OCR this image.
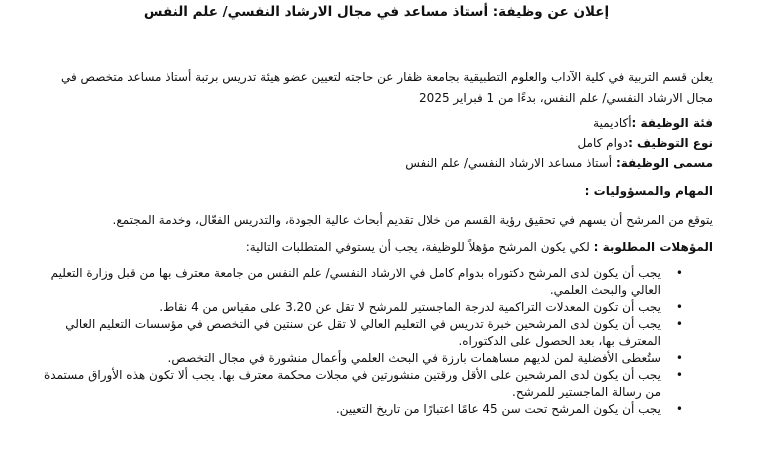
إعلان عن وظيفة: أستاذ مساعد في مجال الارشاد النفسي/ علم النفس

يعلن قسم التربية في كلية الآداب والعلوم التطبيقية بجامعة ظفار عن حاجته لتعيين عضو هيئة تدريس برتبة أستاذ مساعد متخصص في مجال الارشاد النفسي/ علم النفس، بدءًا من 1 فبراير 2025

فئة الوظيفة :أكاديمية
نوع التوظيف :دوام كامل
مسمى الوظيفة: أستاذ مساعد الارشاد النفسي/ علم النفس
المهام والمسؤوليات :
يتوقع من المرشح أن يسهم في تحقيق رؤية القسم من خلال تقديم أبحاث عالية الجودة، والتدريس الفعّال، وخدمة المجتمع.
المؤهلات المطلوبة : لكي يكون المرشح مؤهلاً للوظيفة، يجب أن يستوفي المتطلبات التالية:
•
يجب أن يكون لدى المرشح دكتوراه بدوام كامل في الارشاد النفسي/ علم النفس من جامعة معترف بها من قبل وزارة التعليم العالي والبحث العلمي.
•
يجب أن تكون المعدلات التراكمية لدرجة الماجستير للمرشح لا تقل عن 3.20 على مقياس من 4 نقاط.
•
يجب أن يكون لدى المرشحين خبرة تدريس في التعليم العالي لا تقل عن سنتين في التخصص في مؤسسات التعليم العالي المعترف بها، بعد الحصول على الدكتوراه.
•
ستُعطى الأفضلية لمن لديهم مساهمات بارزة في البحث العلمي وأعمال منشورة في مجال التخصص.
•
يجب أن يكون لدى المرشحين على الأقل ورقتين منشورتين في مجلات محكمة معترف بها. يجب ألا تكون هذه الأوراق مستمدة من رسالة الماجستير للمرشح.
•
يجب أن يكون المرشح تحت سن 45 عامًا اعتبارًا من تاريخ التعيين.
